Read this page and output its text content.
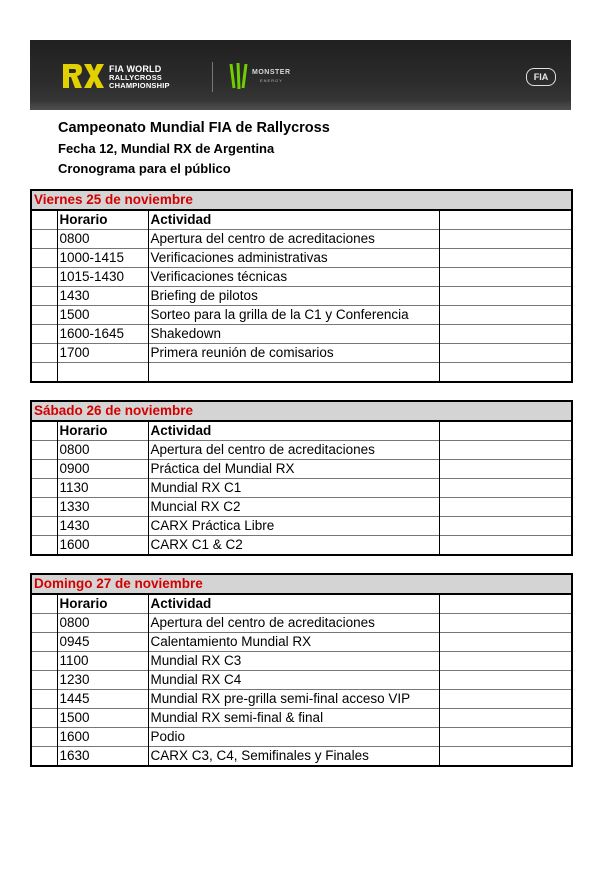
FIA WORLD
RALLYCROSS
CHAMPIONSHIP
MONSTER
ENERGY	FIA
Campeonato Mundial FIA de Rallycross
Fecha 12, Mundial RX de Argentina
Cronograma para el público
Viernes 25 de noviembre			
	Horario	Actividad	
	0800	Apertura del centro de acreditaciones	
	1000-1415	Verificaciones administrativas	
	1015-1430	Verificaciones técnicas	
	1430	Briefing de pilotos	
	1500	Sorteo para la grilla de la C1 y Conferencia	
	1600-1645	Shakedown	
	1700	Primera reunión de comisarios	

Sábado 26 de noviembre			
	Horario	Actividad	
	0800	Apertura del centro de acreditaciones	
	0900	Práctica del Mundial RX	
	1130	Mundial RX C1	
	1330	Muncial RX C2	
	1430	CARX Práctica Libre	
	1600	CARX C1 & C2	
Domingo 27 de noviembre			
	Horario	Actividad	
	0800	Apertura del centro de acreditaciones	
	0945	Calentamiento Mundial RX	
	1100	Mundial RX C3	
	1230	Mundial RX C4	
	1445	Mundial RX pre-grilla semi-final acceso VIP	
	1500	Mundial RX semi-final & final	
	1600	Podio	
	1630	CARX C3, C4, Semifinales y Finales	
